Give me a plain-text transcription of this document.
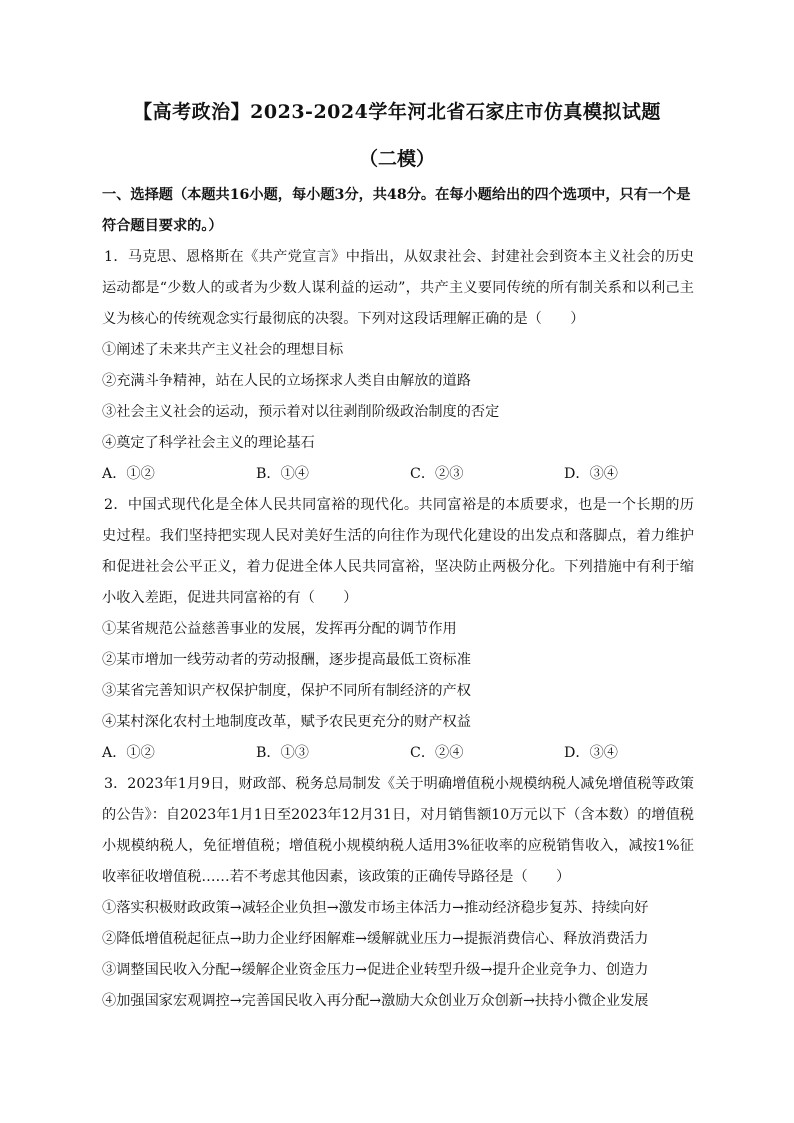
【高考政治】2023-2024学年河北省石家庄市仿真模拟试题
（二模）

一、选择题（本题共16小题，每小题3分，共48分。在每小题给出的四个选项中，只有一个是符合题目要求的。）

1．马克思、恩格斯在《共产党宣言》中指出，从奴隶社会、封建社会到资本主义社会的历史运动都是“少数人的或者为少数人谋利益的运动”，共产主义要同传统的所有制关系和以利己主义为核心的传统观念实行最彻底的决裂。下列对这段话理解正确的是（　　）

①阐述了未来共产主义社会的理想目标

②充满斗争精神，站在人民的立场探求人类自由解放的道路

③社会主义社会的运动，预示着对以往剥削阶级政治制度的否定

④奠定了科学社会主义的理论基石

A．①②	B．①④	C．②③	D．③④

2．中国式现代化是全体人民共同富裕的现代化。共同富裕是的本质要求，也是一个长期的历史过程。我们坚持把实现人民对美好生活的向往作为现代化建设的出发点和落脚点，着力维护和促进社会公平正义，着力促进全体人民共同富裕，坚决防止两极分化。下列措施中有利于缩小收入差距，促进共同富裕的有（　　）

①某省规范公益慈善事业的发展，发挥再分配的调节作用

②某市增加一线劳动者的劳动报酬，逐步提高最低工资标准

③某省完善知识产权保护制度，保护不同所有制经济的产权

④某村深化农村土地制度改革，赋予农民更充分的财产权益

A．①②	B．①③	C．②④	D．③④

3．2023年1月9日，财政部、税务总局制发《关于明确增值税小规模纳税人减免增值税等政策的公告》：自2023年1月1日至2023年12月31日，对月销售额10万元以下（含本数）的增值税小规模纳税人，免征增值税；增值税小规模纳税人适用3%征收率的应税销售收入，减按1%征收率征收增值税……若不考虑其他因素，该政策的正确传导路径是（　　）

①落实积极财政政策→减轻企业负担→激发市场主体活力→推动经济稳步复苏、持续向好

②降低增值税起征点→助力企业纾困解难→缓解就业压力→提振消费信心、释放消费活力

③调整国民收入分配→缓解企业资金压力→促进企业转型升级→提升企业竞争力、创造力

④加强国家宏观调控→完善国民收入再分配→激励大众创业万众创新→扶持小微企业发展
